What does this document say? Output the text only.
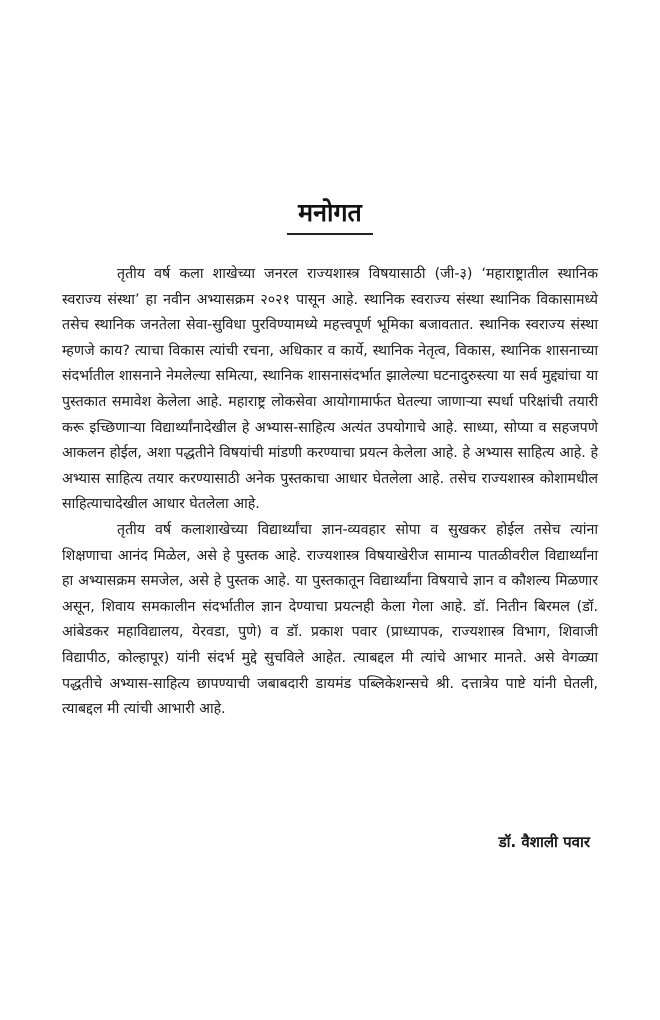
मनोगत

तृतीय वर्ष कला शाखेच्या जनरल राज्यशास्त्र विषयासाठी (जी-३) ‘महाराष्ट्रातील स्थानिक स्वराज्य संस्था’ हा नवीन अभ्यासक्रम २०२१ पासून आहे. स्थानिक स्वराज्य संस्था स्थानिक विकासामध्ये तसेच स्थानिक जनतेला सेवा-सुविधा पुरविण्यामध्ये महत्त्वपूर्ण भूमिका बजावतात. स्थानिक स्वराज्य संस्था म्हणजे काय? त्याचा विकास त्यांची रचना, अधिकार व कार्ये, स्थानिक नेतृत्व, विकास, स्थानिक शासनाच्या संदर्भातील शासनाने नेमलेल्या समित्या, स्थानिक शासनासंदर्भात झालेल्या घटनादुरुस्त्या या सर्व मुद्द्यांचा या पुस्तकात समावेश केलेला आहे. महाराष्ट्र लोकसेवा आयोगामार्फत घेतल्या जाणाऱ्या स्पर्धा परिक्षांची तयारी करू इच्छिणाऱ्या विद्यार्थ्यांनादेखील हे अभ्यास-साहित्य अत्यंत उपयोगाचे आहे. साध्या, सोप्या व सहजपणे आकलन होईल, अशा पद्धतीने विषयांची मांडणी करण्याचा प्रयत्न केलेला आहे. हे अभ्यास साहित्य आहे. हे अभ्यास साहित्य तयार करण्यासाठी अनेक पुस्तकाचा आधार घेतलेला आहे. तसेच राज्यशास्त्र कोशामधील साहित्याचादेखील आधार घेतलेला आहे.

तृतीय वर्ष कलाशाखेच्या विद्यार्थ्यांचा ज्ञान-व्यवहार सोपा व सुखकर होईल तसेच त्यांना शिक्षणाचा आनंद मिळेल, असे हे पुस्तक आहे. राज्यशास्त्र विषयाखेरीज सामान्य पातळीवरील विद्यार्थ्यांना हा अभ्यासक्रम समजेल, असे हे पुस्तक आहे. या पुस्तकातून विद्यार्थ्यांना विषयाचे ज्ञान व कौशल्य मिळणार असून, शिवाय समकालीन संदर्भातील ज्ञान देण्याचा प्रयत्नही केला गेला आहे. डॉ. नितीन बिरमल (डॉ. आंबेडकर महाविद्यालय, येरवडा, पुणे) व डॉ. प्रकाश पवार (प्राध्यापक, राज्यशास्त्र विभाग, शिवाजी विद्यापीठ, कोल्हापूर) यांनी संदर्भ मुद्दे सुचविले आहेत. त्याबद्दल मी त्यांचे आभार मानते. असे वेगळ्या पद्धतीचे अभ्यास-साहित्य छापण्याची जबाबदारी डायमंड पब्लिकेशन्सचे श्री. दत्तात्रेय पाष्टे यांनी घेतली, त्याबद्दल मी त्यांची आभारी आहे.

डॉ. वैशाली पवार
